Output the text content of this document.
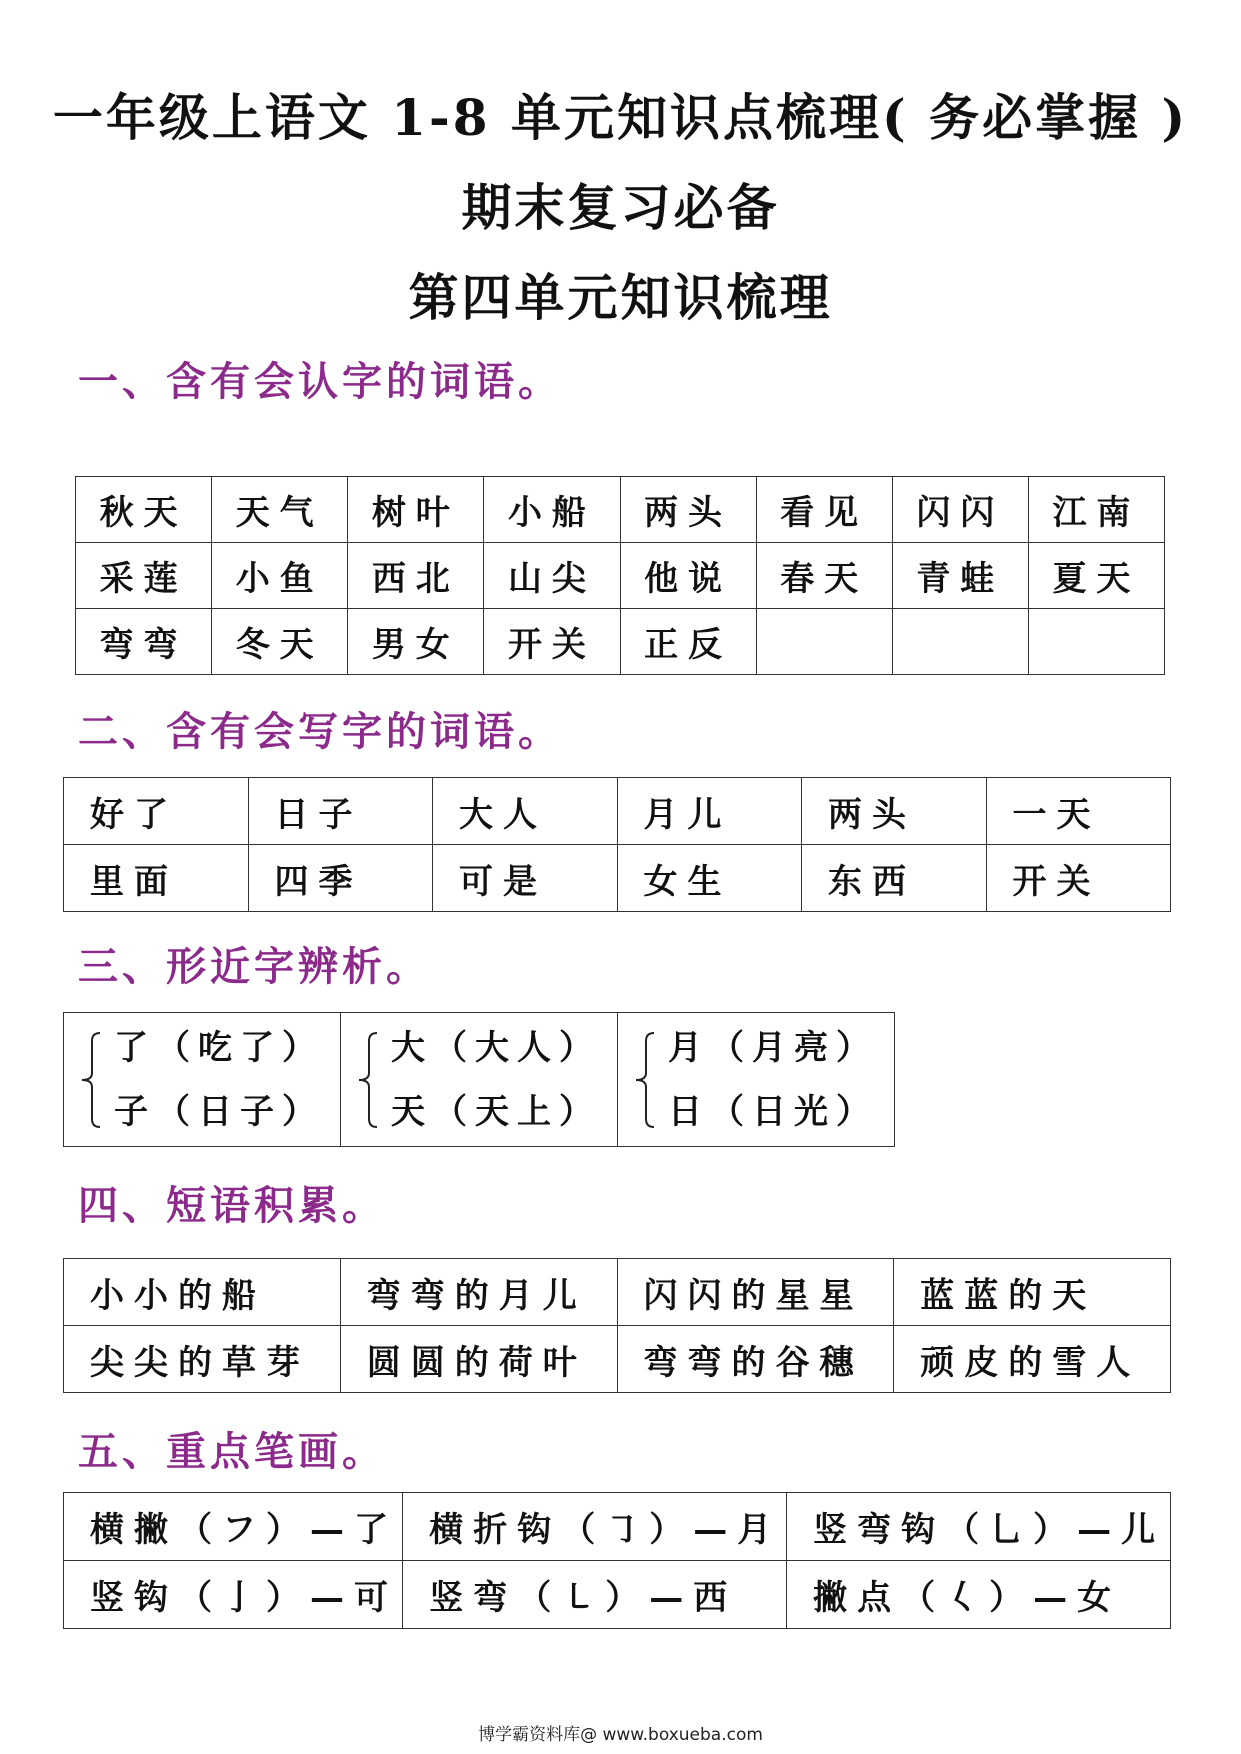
一年级上语文 1-8 单元知识点梳理( 务必掌握 )
期末复习必备
第四单元知识梳理
一、含有会认字的词语。
秋天	天气	树叶	小船	两头	看见	闪闪	江南
采莲	小鱼	西北	山尖	他说	春天	青蛙	夏天
弯弯	冬天	男女	开关	正反			
二、含有会写字的词语。
好了	日子	大人	月儿	两头	一天
里面	四季	可是	女生	东西	开关
三、形近字辨析。
了（吃了）
子（日子）

大（大人）
天（天上）

月（月亮）
日（日光）
四、短语积累。
小小的船	弯弯的月儿	闪闪的星星	蓝蓝的天
尖尖的草芽	圆圆的荷叶	弯弯的谷穗	顽皮的雪人
五、重点笔画。
横撇（フ）—了	横折钩（㇆）—月	竖弯钩（乚）—儿
竖钩（亅）—可	竖弯（㇄）—西	撇点（𡿨）—女
博学霸资料库@ www.boxueba.com
